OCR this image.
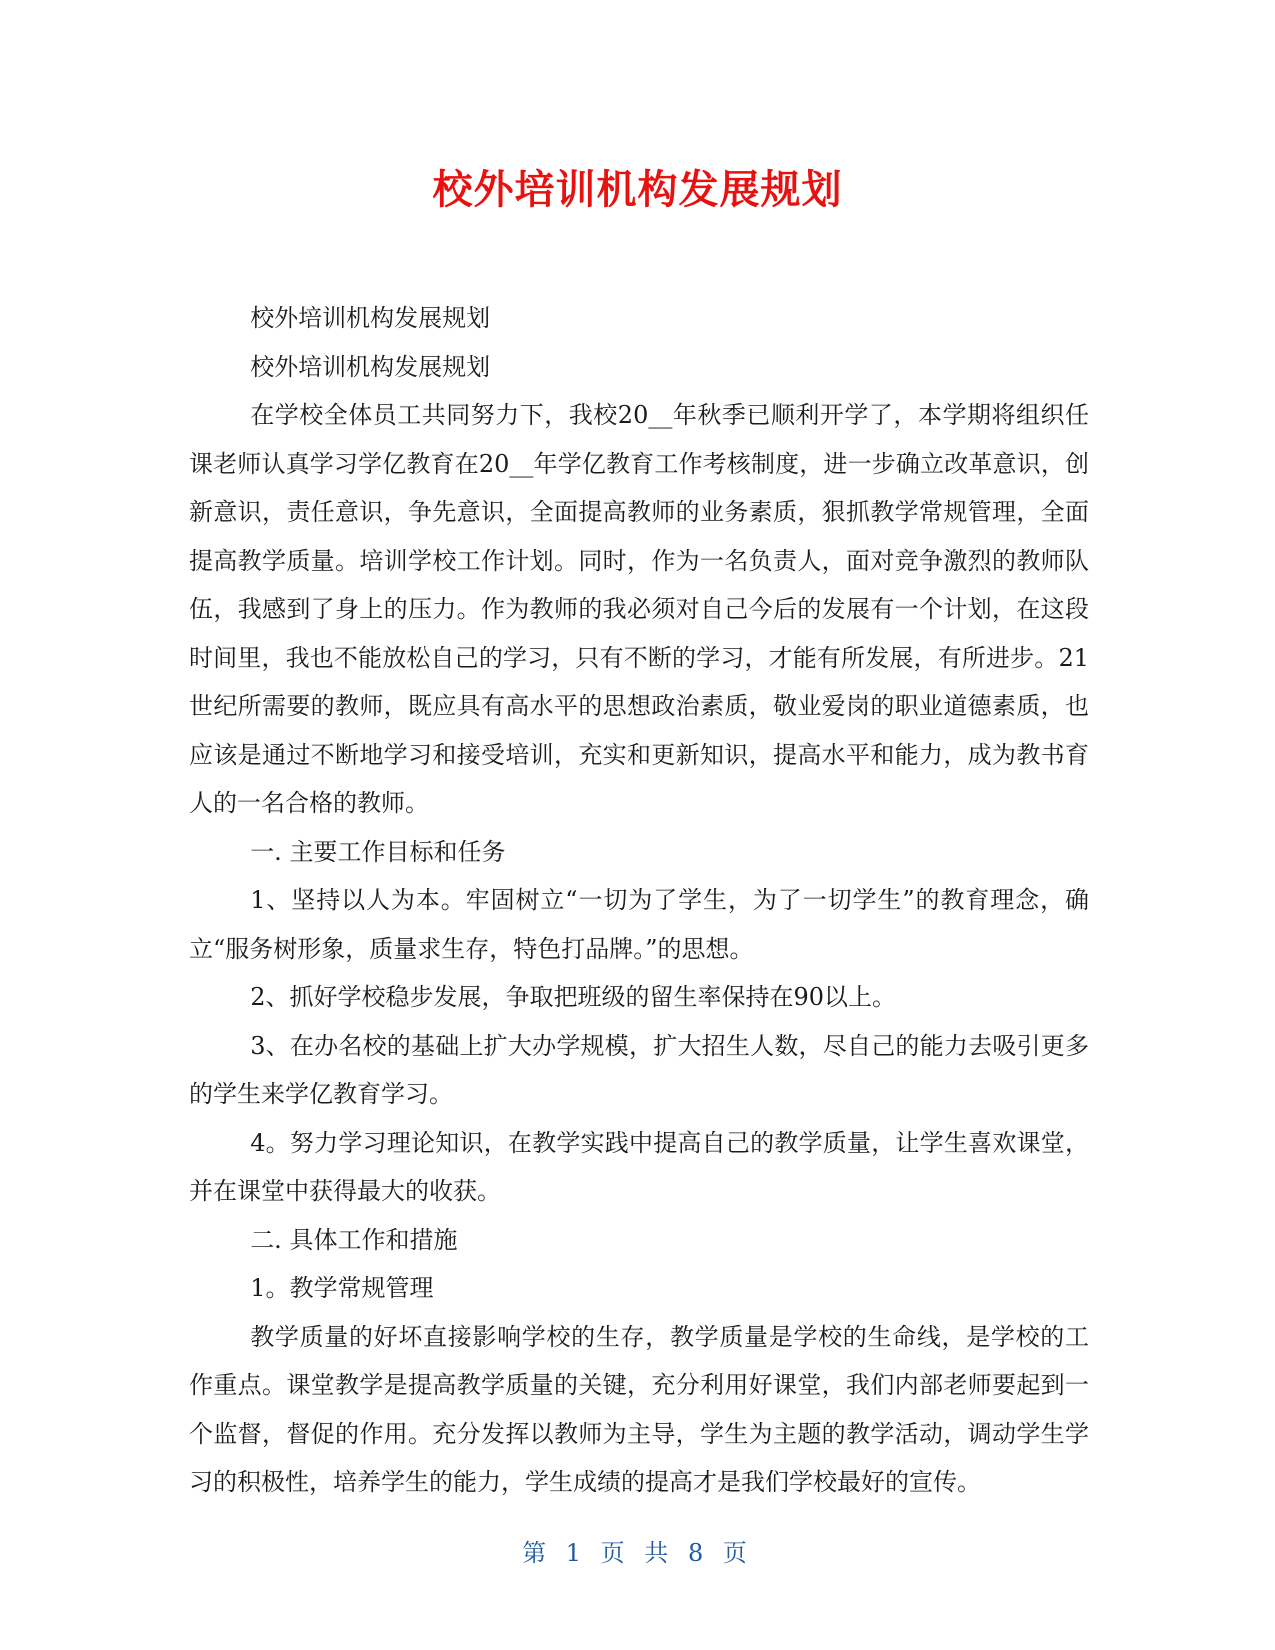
校外培训机构发展规划

校外培训机构发展规划

校外培训机构发展规划

在学校全体员工共同努力下，我校20__年秋季已顺利开学了，本学期将组织任课老师认真学习学亿教育在20__年学亿教育工作考核制度，进一步确立改革意识，创新意识，责任意识，争先意识，全面提高教师的业务素质，狠抓教学常规管理，全面提高教学质量。培训学校工作计划。同时，作为一名负责人，面对竞争激烈的教师队伍，我感到了身上的压力。作为教师的我必须对自己今后的发展有一个计划，在这段时间里，我也不能放松自己的学习，只有不断的学习，才能有所发展，有所进步。21世纪所需要的教师，既应具有高水平的思想政治素质，敬业爱岗的职业道德素质，也应该是通过不断地学习和接受培训，充实和更新知识，提高水平和能力，成为教书育人的一名合格的教师。

一. 主要工作目标和任务

1、坚持以人为本。牢固树立“一切为了学生，为了一切学生”的教育理念，确立“服务树形象，质量求生存，特色打品牌。”的思想。

2、抓好学校稳步发展，争取把班级的留生率保持在90以上。

3、在办名校的基础上扩大办学规模，扩大招生人数，尽自己的能力去吸引更多的学生来学亿教育学习。

4。努力学习理论知识，在教学实践中提高自己的教学质量，让学生喜欢课堂，并在课堂中获得最大的收获。

二. 具体工作和措施

1。教学常规管理

教学质量的好坏直接影响学校的生存，教学质量是学校的生命线，是学校的工作重点。课堂教学是提高教学质量的关键，充分利用好课堂，我们内部老师要起到一个监督，督促的作用。充分发挥以教师为主导，学生为主题的教学活动，调动学生学习的积极性，培养学生的能力，学生成绩的提高才是我们学校最好的宣传。

第 1 页 共 8 页
